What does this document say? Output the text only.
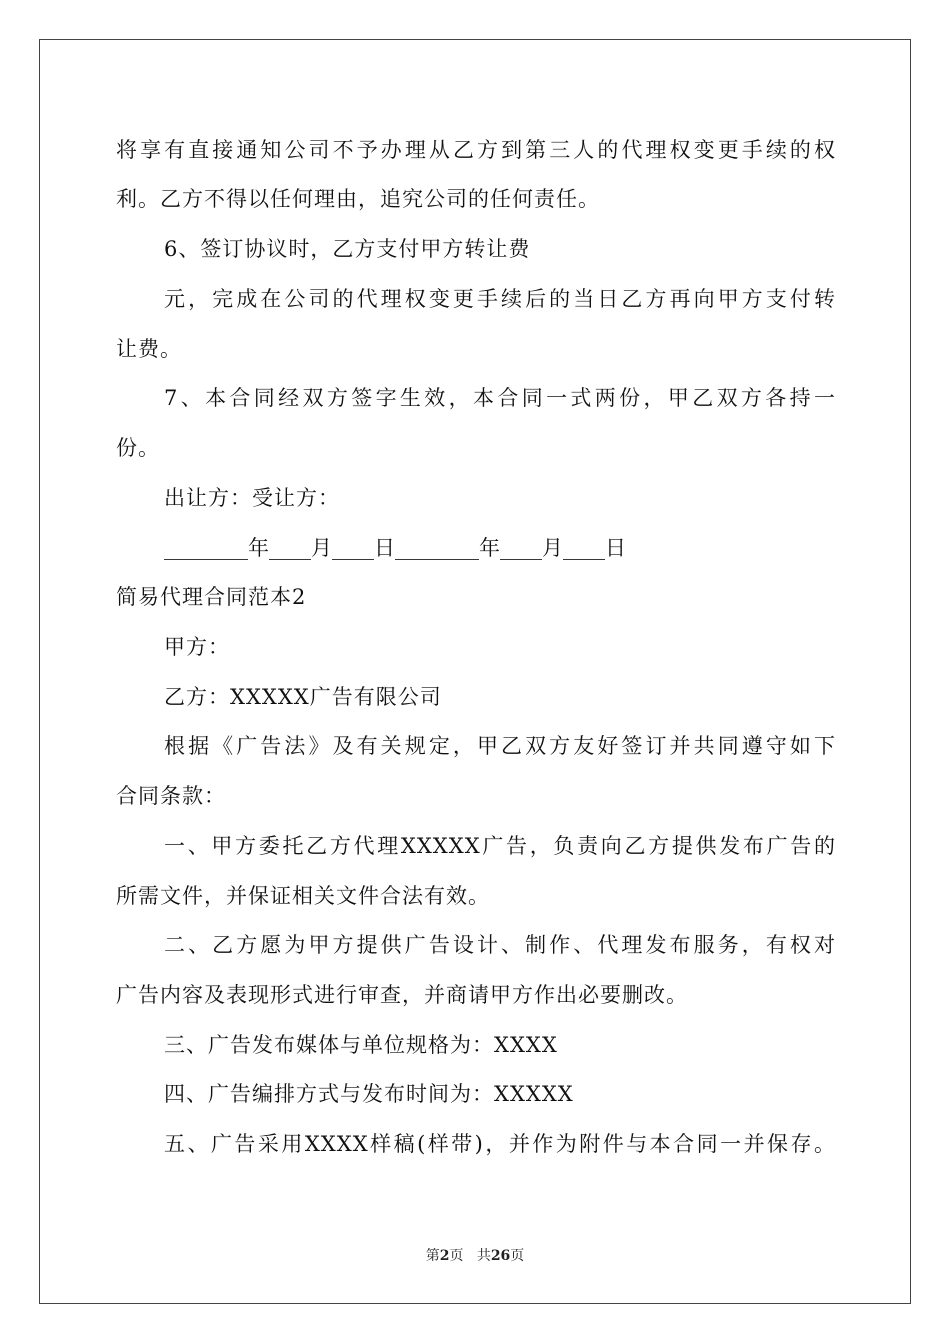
将享有直接通知公司不予办理从乙方到第三人的代理权变更手续的权
利。乙方不得以任何理由，追究公司的任何责任。
6、签订协议时，乙方支付甲方转让费
元，完成在公司的代理权变更手续后的当日乙方再向甲方支付转
让费。
7、本合同经双方签字生效，本合同一式两份，甲乙双方各持一
份。
出让方：受让方：
________年____月____日________年____月____日
简易代理合同范本2
甲方：
乙方：XXXXX广告有限公司
根据《广告法》及有关规定，甲乙双方友好签订并共同遵守如下
合同条款：
一、甲方委托乙方代理XXXXX广告，负责向乙方提供发布广告的
所需文件，并保证相关文件合法有效。
二、乙方愿为甲方提供广告设计、制作、代理发布服务，有权对
广告内容及表现形式进行审查，并商请甲方作出必要删改。
三、广告发布媒体与单位规格为：XXXX
四、广告编排方式与发布时间为：XXXXX
五、广告采用XXXX样稿(样带)，并作为附件与本合同一并保存。
第2页 共26页
